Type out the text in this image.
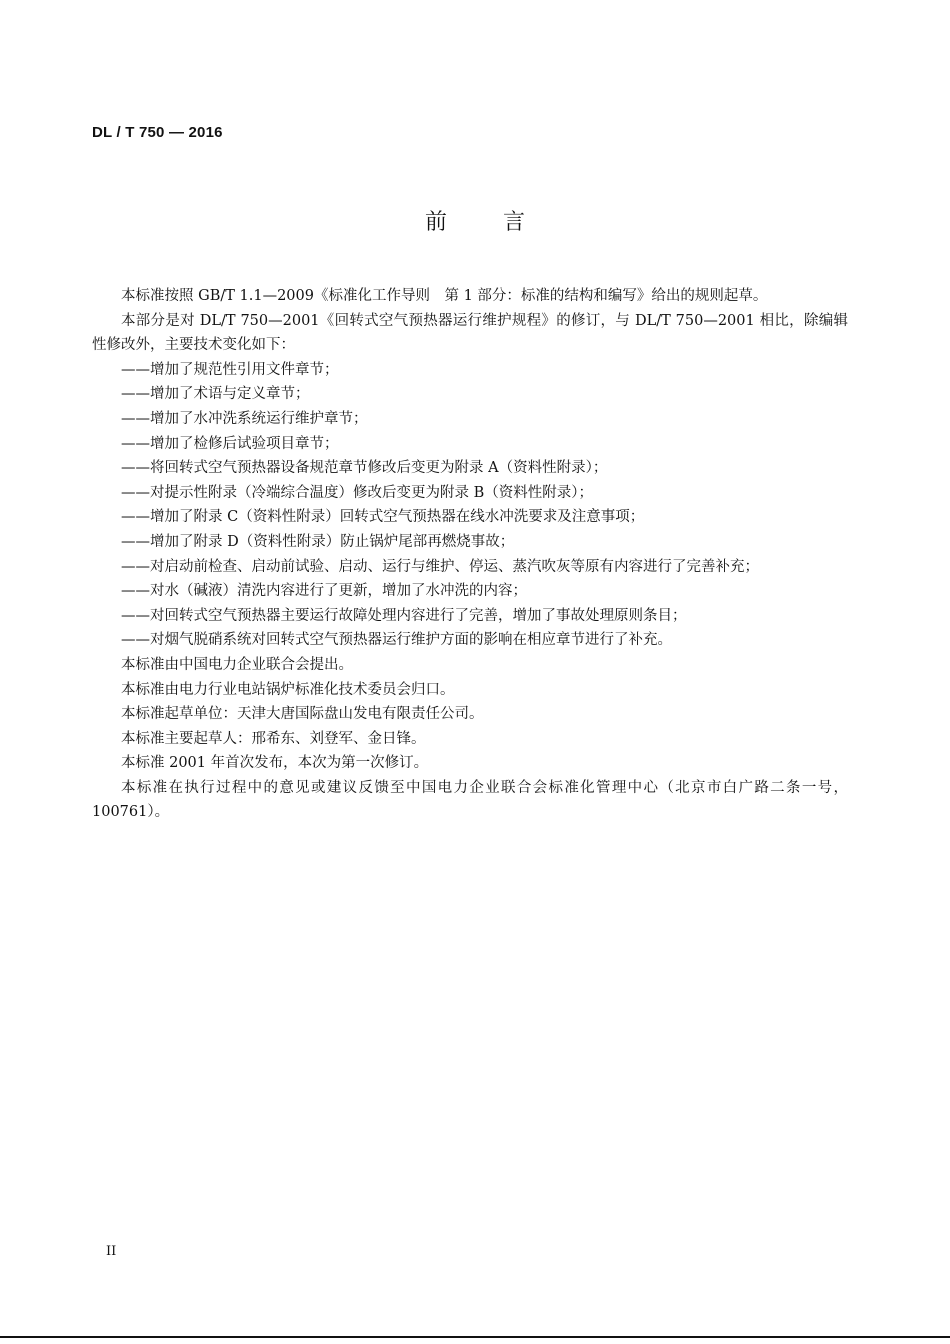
DL / T 750 — 2016
前	言

本标准按照 GB/T 1.1—2009《标准化工作导则　第 1 部分：标准的结构和编写》给出的规则起草。

本部分是对 DL/T 750—2001《回转式空气预热器运行维护规程》的修订，与 DL/T 750—2001 相比，除编辑性修改外，主要技术变化如下：

——增加了规范性引用文件章节；

——增加了术语与定义章节；

——增加了水冲洗系统运行维护章节；

——增加了检修后试验项目章节；

——将回转式空气预热器设备规范章节修改后变更为附录 A（资料性附录）；

——对提示性附录（冷端综合温度）修改后变更为附录 B（资料性附录）；

——增加了附录 C（资料性附录）回转式空气预热器在线水冲洗要求及注意事项；

——增加了附录 D（资料性附录）防止锅炉尾部再燃烧事故；

——对启动前检查、启动前试验、启动、运行与维护、停运、蒸汽吹灰等原有内容进行了完善补充；

——对水（碱液）清洗内容进行了更新，增加了水冲洗的内容；

——对回转式空气预热器主要运行故障处理内容进行了完善，增加了事故处理原则条目；

——对烟气脱硝系统对回转式空气预热器运行维护方面的影响在相应章节进行了补充。

本标准由中国电力企业联合会提出。

本标准由电力行业电站锅炉标准化技术委员会归口。

本标准起草单位：天津大唐国际盘山发电有限责任公司。

本标准主要起草人：邢希东、刘登军、金日锋。

本标准 2001 年首次发布，本次为第一次修订。

本标准在执行过程中的意见或建议反馈至中国电力企业联合会标准化管理中心（北京市白广路二条一号，100761）。

II
